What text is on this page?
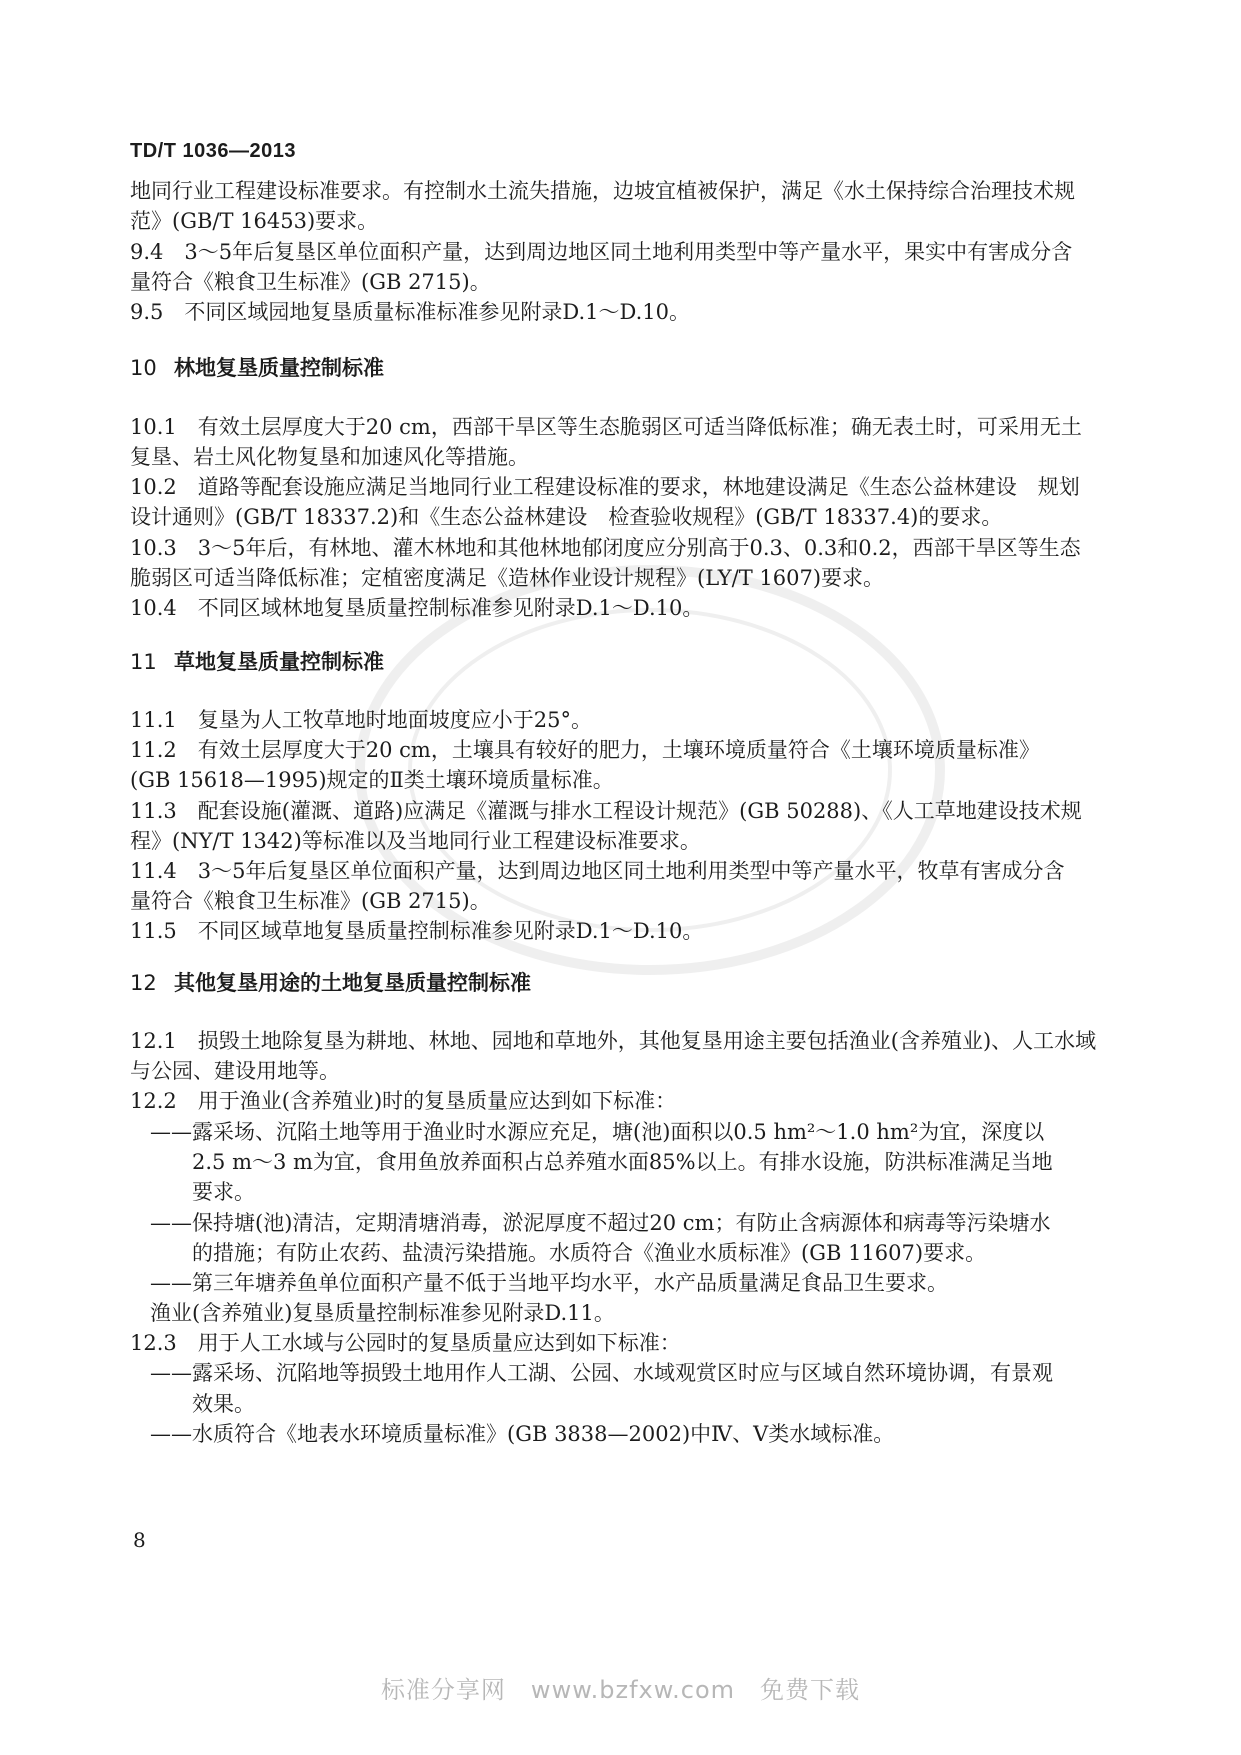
TD/T 1036—2013
地同行业工程建设标准要求。有控制水土流失措施，边坡宜植被保护，满足《水土保持综合治理技术规
范》(GB/T 16453)要求。
9.4　3～5年后复垦区单位面积产量，达到周边地区同土地利用类型中等产量水平，果实中有害成分含
量符合《粮食卫生标准》(GB 2715)。
9.5　不同区域园地复垦质量标准标准参见附录D.1～D.10。
10 林地复垦质量控制标准
10.1　有效土层厚度大于20 cm，西部干旱区等生态脆弱区可适当降低标准；确无表土时，可采用无土
复垦、岩土风化物复垦和加速风化等措施。
10.2　道路等配套设施应满足当地同行业工程建设标准的要求，林地建设满足《生态公益林建设　规划
设计通则》(GB/T 18337.2)和《生态公益林建设　检查验收规程》(GB/T 18337.4)的要求。
10.3　3～5年后，有林地、灌木林地和其他林地郁闭度应分别高于0.3、0.3和0.2，西部干旱区等生态
脆弱区可适当降低标准；定植密度满足《造林作业设计规程》(LY/T 1607)要求。
10.4　不同区域林地复垦质量控制标准参见附录D.1～D.10。
11 草地复垦质量控制标准
11.1　复垦为人工牧草地时地面坡度应小于25°。
11.2　有效土层厚度大于20 cm，土壤具有较好的肥力，土壤环境质量符合《土壤环境质量标准》
(GB 15618—1995)规定的Ⅱ类土壤环境质量标准。
11.3　配套设施(灌溉、道路)应满足《灌溉与排水工程设计规范》(GB 50288)、《人工草地建设技术规
程》(NY/T 1342)等标准以及当地同行业工程建设标准要求。
11.4　3～5年后复垦区单位面积产量，达到周边地区同土地利用类型中等产量水平，牧草有害成分含
量符合《粮食卫生标准》(GB 2715)。
11.5　不同区域草地复垦质量控制标准参见附录D.1～D.10。
12 其他复垦用途的土地复垦质量控制标准
12.1　损毁土地除复垦为耕地、林地、园地和草地外，其他复垦用途主要包括渔业(含养殖业)、人工水域
与公园、建设用地等。
12.2　用于渔业(含养殖业)时的复垦质量应达到如下标准：
——露采场、沉陷土地等用于渔业时水源应充足，塘(池)面积以0.5 hm²～1.0 hm²为宜，深度以
2.5 m～3 m为宜，食用鱼放养面积占总养殖水面85%以上。有排水设施，防洪标准满足当地
要求。
——保持塘(池)清洁，定期清塘消毒，淤泥厚度不超过20 cm；有防止含病源体和病毒等污染塘水
的措施；有防止农药、盐渍污染措施。水质符合《渔业水质标准》(GB 11607)要求。
——第三年塘养鱼单位面积产量不低于当地平均水平，水产品质量满足食品卫生要求。
渔业(含养殖业)复垦质量控制标准参见附录D.11。
12.3　用于人工水域与公园时的复垦质量应达到如下标准：
——露采场、沉陷地等损毁土地用作人工湖、公园、水域观赏区时应与区域自然环境协调，有景观
效果。
——水质符合《地表水环境质量标准》(GB 3838—2002)中Ⅳ、Ⅴ类水域标准。
8
标准分享网　www.bzfxw.com　免费下载
